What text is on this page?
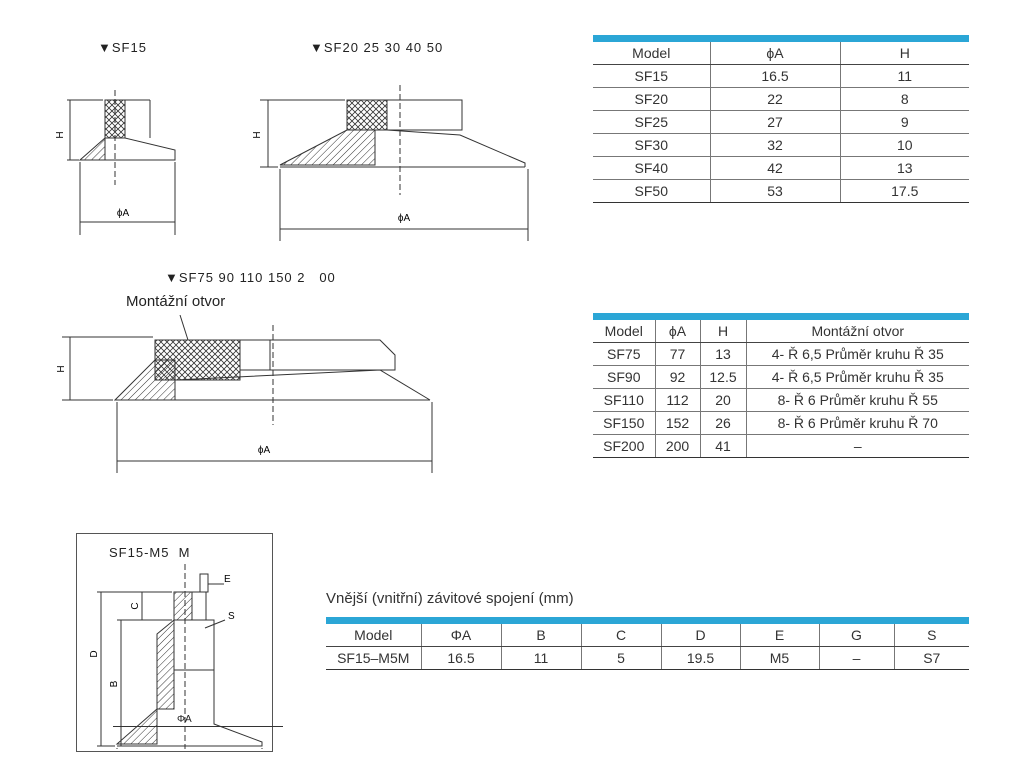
▼SF15	▼SF20 25 30 40 50
▼SF75 90 110 150 2   00
Montážní otvor
H
ϕA
H
ϕA
H
ϕA
Model	ϕA	H
SF15	16.5	11
SF20	22	8
SF25	27	9
SF30	32	10
SF40	42	13
SF50	53	17.5
Model	ϕA	H	Montážní otvor
SF75	77	13	4- Ř 6,5 Průměr kruhu Ř 35
SF90	92	12.5	4- Ř 6,5 Průměr kruhu Ř 35
SF110	112	20	8- Ř 6 Průměr kruhu Ř 55
SF150	152	26	8- Ř 6 Průměr kruhu Ř 70
SF200	200	41	–
SF15-M5  M
E
S
C
D
B
ΦA
Vnější (vnitřní) závitové spojení (mm)
Model	ΦA	B	C	D	E	G	S
SF15–M5M	16.5	11	5	19.5	M5	–	S7
